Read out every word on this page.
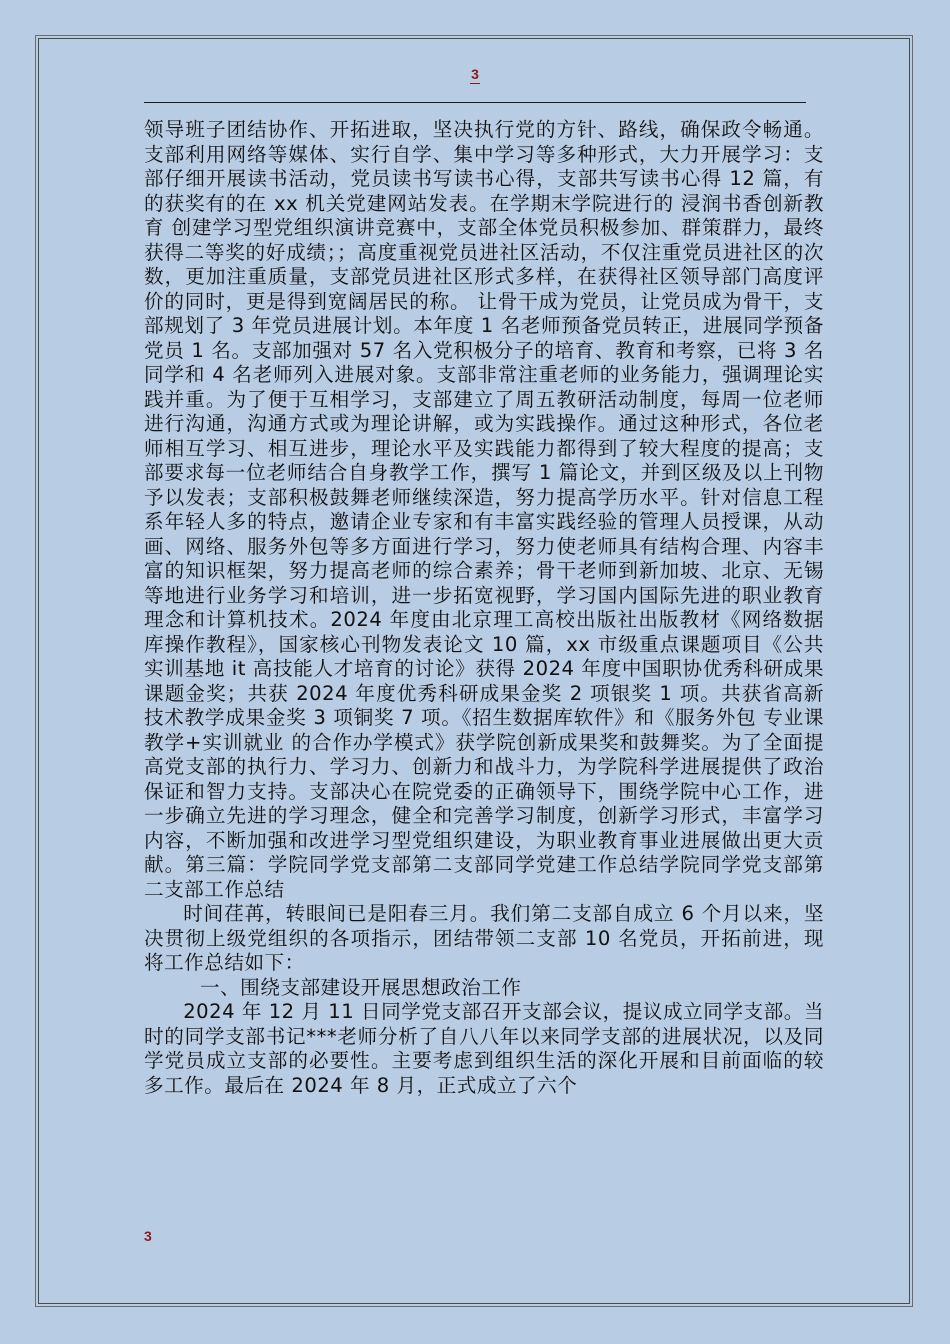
3

领导班子团结协作、开拓进取，坚决执行党的方针、路线，确保政令畅通。支部利用网络等媒体、实行自学、集中学习等多种形式，大力开展学习：支部仔细开展读书活动，党员读书写读书心得，支部共写读书心得 12 篇，有的获奖有的在 xx 机关党建网站发表。在学期末学院进行的 浸润书香创新教育 创建学习型党组织演讲竞赛中，支部全体党员积极参加、群策群力，最终获得二等奖的好成绩；；高度重视党员进社区活动，不仅注重党员进社区的次数，更加注重质量，支部党员进社区形式多样，在获得社区领导部门高度评价的同时，更是得到宽阔居民的称。 让骨干成为党员，让党员成为骨干，支部规划了 3 年党员进展计划。本年度 1 名老师预备党员转正，进展同学预备党员 1 名。支部加强对 57 名入党积极分子的培育、教育和考察，已将 3 名同学和 4 名老师列入进展对象。支部非常注重老师的业务能力，强调理论实践并重。为了便于互相学习，支部建立了周五教研活动制度，每周一位老师进行沟通，沟通方式或为理论讲解，或为实践操作。通过这种形式，各位老师相互学习、相互进步，理论水平及实践能力都得到了较大程度的提高；支部要求每一位老师结合自身教学工作，撰写 1 篇论文，并到区级及以上刊物予以发表；支部积极鼓舞老师继续深造，努力提高学历水平。针对信息工程系年轻人多的特点，邀请企业专家和有丰富实践经验的管理人员授课，从动画、网络、服务外包等多方面进行学习，努力使老师具有结构合理、内容丰富的知识框架，努力提高老师的综合素养；骨干老师到新加坡、北京、无锡等地进行业务学习和培训，进一步拓宽视野，学习国内国际先进的职业教育理念和计算机技术。2024 年度由北京理工高校出版社出版教材《网络数据库操作教程》，国家核心刊物发表论文 10 篇，xx 市级重点课题项目《公共实训基地 it 高技能人才培育的讨论》获得 2024 年度中国职协优秀科研成果课题金奖；共获 2024 年度优秀科研成果金奖 2 项银奖 1 项。共获省高新技术教学成果金奖 3 项铜奖 7 项。《招生数据库软件》和《服务外包 专业课教学+实训就业 的合作办学模式》获学院创新成果奖和鼓舞奖。为了全面提高党支部的执行力、学习力、创新力和战斗力，为学院科学进展提供了政治保证和智力支持。支部决心在院党委的正确领导下，围绕学院中心工作，进一步确立先进的学习理念，健全和完善学习制度，创新学习形式，丰富学习内容，不断加强和改进学习型党组织建设，为职业教育事业进展做出更大贡献。第三篇：学院同学党支部第二支部同学党建工作总结学院同学党支部第二支部工作总结

时间荏苒，转眼间已是阳春三月。我们第二支部自成立 6 个月以来，坚决贯彻上级党组织的各项指示，团结带领二支部 10 名党员，开拓前进，现将工作总结如下：

一、围绕支部建设开展思想政治工作

2024 年 12 月 11 日同学党支部召开支部会议，提议成立同学支部。当时的同学支部书记***老师分析了自八八年以来同学支部的进展状况，以及同学党员成立支部的必要性。主要考虑到组织生活的深化开展和目前面临的较多工作。最后在 2024 年 8 月，正式成立了六个

3
